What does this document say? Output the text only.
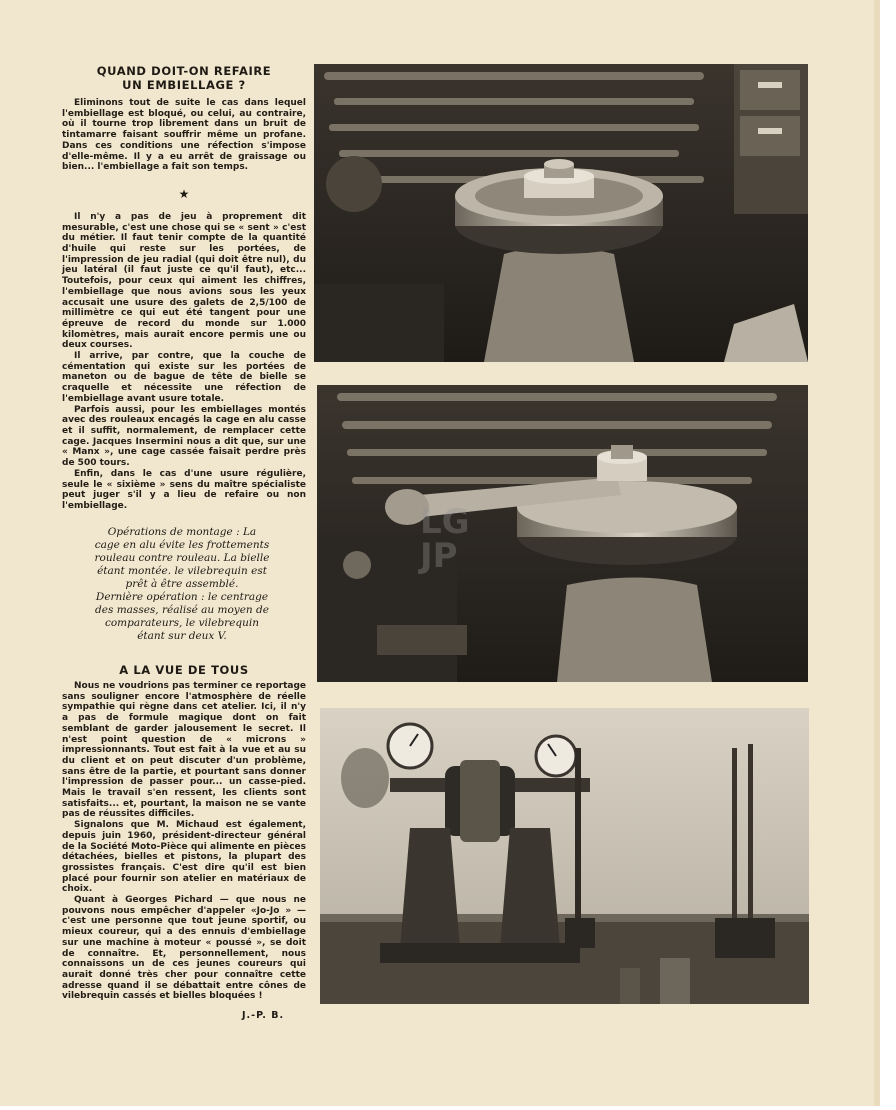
QUAND DOIT-ON REFAIRE
UN EMBIELLAGE ?

Eliminons tout de suite le cas dans lequel l'embiellage est bloqué, ou celui, au contraire, où il tourne trop librement dans un bruit de tintamarre faisant souffrir même un profane. Dans ces conditions une réfection s'impose d'elle-même. Il y a eu arrêt de graissage ou bien... l'embiellage a fait son temps.

★

Il n'y a pas de jeu à proprement dit mesurable, c'est une chose qui se « sent » c'est du métier. Il faut tenir compte de la quantité d'huile qui reste sur les portées, de l'impression de jeu radial (qui doit être nul), du jeu latéral (il faut juste ce qu'il faut), etc... Toutefois, pour ceux qui aiment les chiffres, l'embiellage que nous avions sous les yeux accusait une usure des galets de 2,5/100 de millimètre ce qui eut été tangent pour une épreuve de record du monde sur 1.000 kilomètres, mais aurait encore permis une ou deux courses.

Il arrive, par contre, que la couche de cémentation qui existe sur les portées de maneton ou de bague de tête de bielle se craquelle et nécessite une réfection de l'embiellage avant usure totale.

Parfois aussi, pour les embiellages montés avec des rouleaux encagés la cage en alu casse et il suffit, normalement, de remplacer cette cage. Jacques Insermini nous a dit que, sur une « Manx », une cage cassée faisait perdre près de 500 tours.

Enfin, dans le cas d'une usure régulière, seule le « sixième » sens du maître spécialiste peut juger s'il y a lieu de refaire ou non l'embiellage.

Opérations de montage : La

cage en alu évite les frottements

rouleau contre rouleau. La bielle

étant montée. le vilebrequin est

prêt à être assemblé.

Dernière opération : le centrage

des masses, réalisé au moyen de

comparateurs, le vilebrequin

étant sur deux V.

A LA VUE DE TOUS

Nous ne voudrions pas terminer ce reportage sans souligner encore l'atmosphère de réelle sympathie qui règne dans cet atelier. Ici, il n'y a pas de formule magique dont on fait semblant de garder jalousement le secret. Il n'est point question de « microns » impressionnants. Tout est fait à la vue et au su du client et on peut discuter d'un problème, sans être de la partie, et pourtant sans donner l'impression de passer pour... un casse-pied. Mais le travail s'en ressent, les clients sont satisfaits... et, pourtant, la maison ne se vante pas de réussites difficiles.

Signalons que M. Michaud est également, depuis juin 1960, président-directeur général de la Société Moto-Pièce qui alimente en pièces détachées, bielles et pistons, la plupart des grossistes français. C'est dire qu'il est bien placé pour fournir son atelier en matériaux de choix.

Quant à Georges Pichard — que nous ne pouvons nous empêcher d'appeler «Jo-Jo » — c'est une personne que tout jeune sportif, ou mieux coureur, qui a des ennuis d'embiellage sur une machine à moteur « poussé », se doit de connaître. Et, personnellement, nous connaissons un de ces jeunes coureurs qui aurait donné très cher pour connaître cette adresse quand il se débattait entre cônes de vilebrequin cassés et bielles bloquées !

J.-P. B.
LG
JP
